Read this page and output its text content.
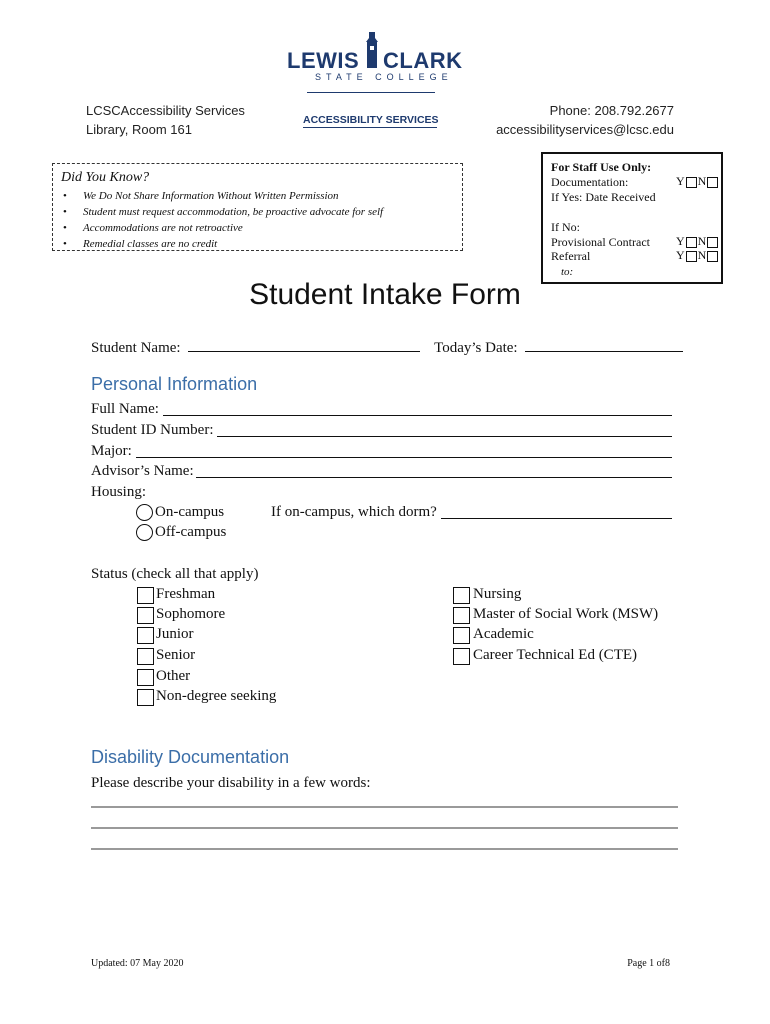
LEWIS CLARK
STATE COLLEGE
ACCESSIBILITY SERVICES
LCSCAccessibility Services
Library, Room 161
Phone: 208.792.2677
accessibilityservices@lcsc.edu
Did You Know?
• We Do Not Share Information Without Written Permission
• Student must request accommodation, be proactive advocate for self
• Accommodations are not retroactive
• Remedial classes are no credit
For Staff Use Only:
Documentation:	Y N
If Yes: Date Received
If No:
Provisional Contract Y N
Referral	Y N
to:
Student Intake Form
Student Name:	Today’s Date:
Personal Information
Full Name:
Student ID Number:
Major:
Advisor’s Name:
Housing:
On-campus
Off-campus
If on-campus, which dorm?
Status (check all that apply)
Freshman
Sophomore
Junior
Senior
Other
Non-degree seeking
Nursing
Master of Social Work (MSW)
Academic
Career Technical Ed (CTE)
Disability Documentation
Please describe your disability in a few words:
Updated: 07 May 2020	Page 1 of8
